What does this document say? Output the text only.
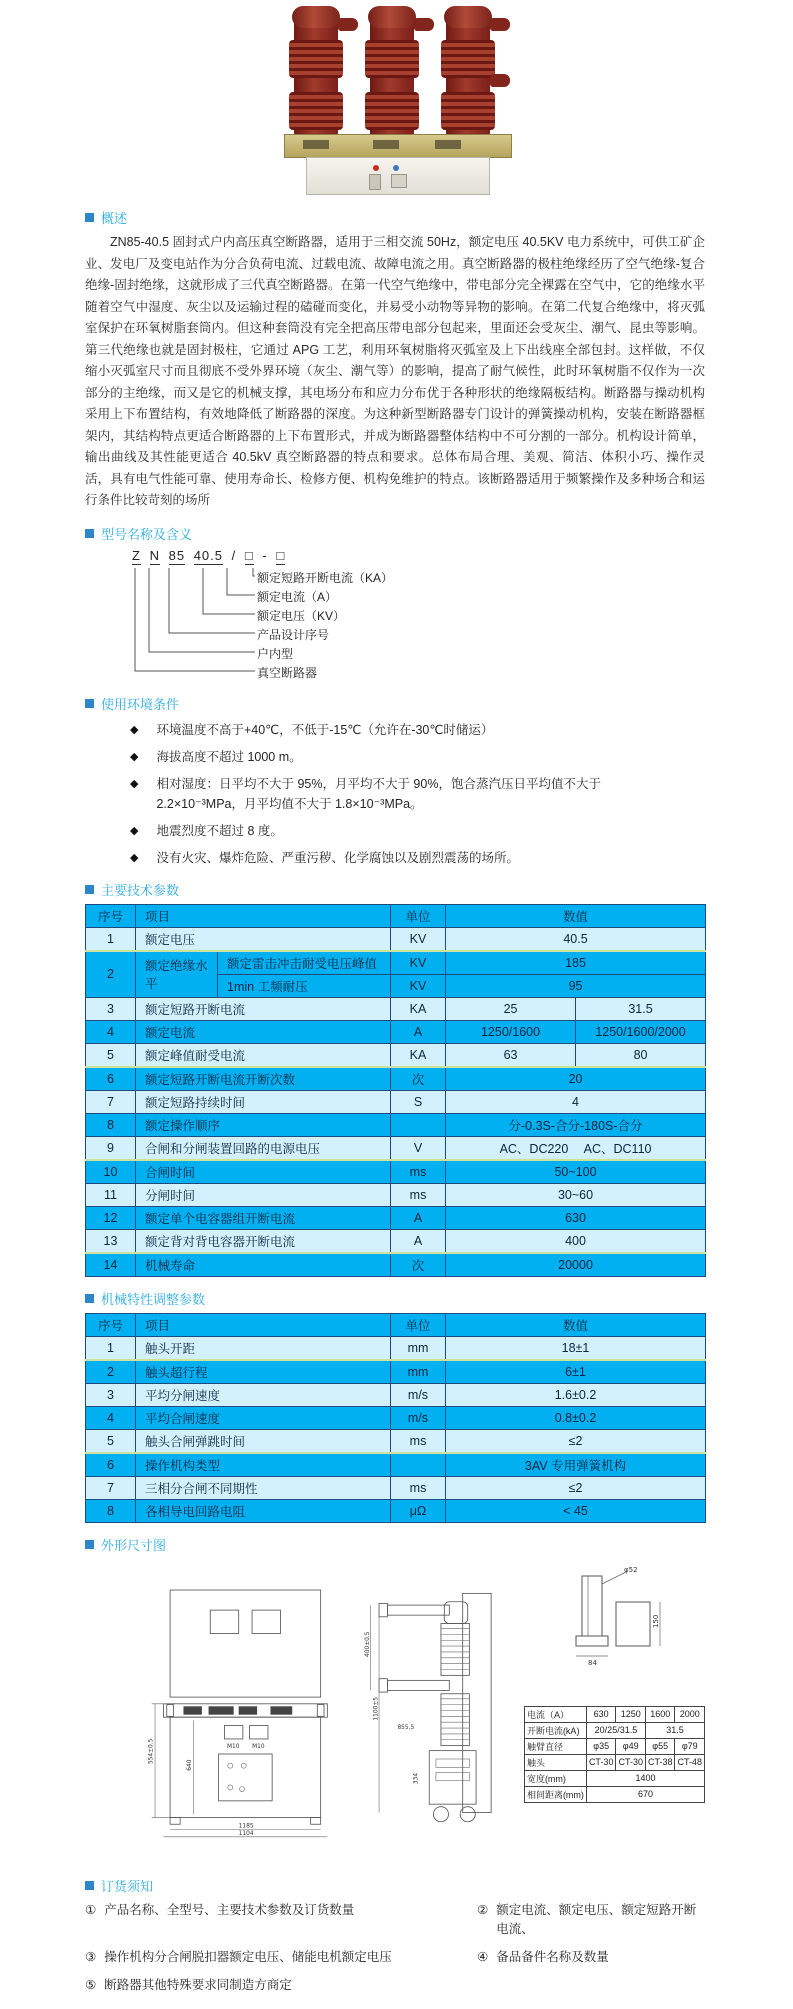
概述

ZN85-40.5 固封式户内高压真空断路器，适用于三相交流 50Hz，额定电压 40.5KV 电力系统中，可供工矿企业、发电厂及变电站作为分合负荷电流、过载电流、故障电流之用。真空断路器的极柱绝缘经历了空气绝缘-复合绝缘-固封绝缘，这就形成了三代真空断路器。在第一代空气绝缘中，带电部分完全裸露在空气中，它的绝缘水平随着空气中湿度、灰尘以及运输过程的磕碰而变化，并易受小动物等异物的影响。在第二代复合绝缘中，将灭弧室保护在环氧树脂套筒内。但这种套筒没有完全把高压带电部分包起来，里面还会受灰尘、潮气、昆虫等影响。第三代绝缘也就是固封极柱，它通过 APG 工艺，利用环氧树脂将灭弧室及上下出线座全部包封。这样做，不仅缩小灭弧室尺寸而且彻底不受外界环境（灰尘、潮气等）的影响，提高了耐气候性，此时环氧树脂不仅作为一次部分的主绝缘，而又是它的机械支撑，其电场分布和应力分布优于各种形状的绝缘隔板结构。断路器与操动机构采用上下布置结构，有效地降低了断路器的深度。为这种新型断路器专门设计的弹簧操动机构，安装在断路器框架内，其结构特点更适合断路器的上下布置形式，并成为断路器整体结构中不可分割的一部分。机构设计简单，输出曲线及其性能更适合 40.5kV 真空断路器的特点和要求。总体布局合理、美观、简洁、体积小巧、操作灵活，具有电气性能可靠、使用寿命长、检修方便、机构免维护的特点。该断路器适用于频繁操作及多种场合和运行条件比较苛刻的场所

型号名称及含义
Z N 85 40.5 / □ - □
额定短路开断电流（KA）
额定电流（A）
额定电压（KV）
产品设计序号
户内型
真空断路器
使用环境条件
◆ 环境温度不高于+40℃，不低于-15℃（允许在-30℃时储运）
◆ 海拔高度不超过 1000 m。
◆ 相对湿度：日平均不大于 95%，月平均不大于 90%，饱合蒸汽压日平均值不大于 2.2×10⁻³MPa，月平均值不大于 1.8×10⁻³MPa。
◆ 地震烈度不超过 8 度。
◆ 没有火灾、爆炸危险、严重污秽、化学腐蚀以及剧烈震荡的场所。
主要技术参数
序号	项目		单位	数值	
1	额定电压		KV	40.5	
2	额定绝缘水平	额定雷击冲击耐受电压峰值	KV	185	
		1min 工频耐压	KV	95	
3	额定短路开断电流		KA	25	31.5
4	额定电流		A	1250/1600	1250/1600/2000
5	额定峰值耐受电流		KA	63	80
6	额定短路开断电流开断次数		次	20	
7	额定短路持续时间		S	4	
8	额定操作顺序			分-0.3S-合分-180S-合分	
9	合闸和分闸装置回路的电源电压		V	AC、DC220　 AC、DC110	
10	合闸时间		ms	50~100	
11	分闸时间		ms	30~60	
12	额定单个电容器组开断电流		A	630	
13	额定背对背电容器开断电流		A	400	
14	机械寿命		次	20000	
机械特性调整参数
序号	项目	单位	数值
1	触头开距	mm	18±1
2	触头超行程	mm	6±1
3	平均分闸速度	m/s	1.6±0.2
4	平均合闸速度	m/s	0.8±0.2
5	触头合闸弹跳时间	ms	≤2
6	操作机构类型		3AV 专用弹簧机构
7	三相分合闸不同期性	ms	≤2
8	各相导电回路电阻	μΩ	< 45
外形尺寸图
M10 M10
554±0.5
640
1185
1104
400±0.5
1100±5
855.5
334
φ52
150
84
电流（A）	630	1250	1600	2000
开断电流(kA)	20/25/31.5		31.5	
触臂直径	φ35	φ49	φ55	φ79
触头	CT-30	CT-30	CT-38	CT-48
宽度(mm)	1400			
相间距离(mm)	670			
订货须知
① 产品名称、全型号、主要技术参数及订货数量	② 额定电流、额定电压、额定短路开断电流、
③ 操作机构分合闸脱扣器额定电压、储能电机额定电压	④ 备品备件名称及数量
⑤ 断路器其他特殊要求同制造方商定
